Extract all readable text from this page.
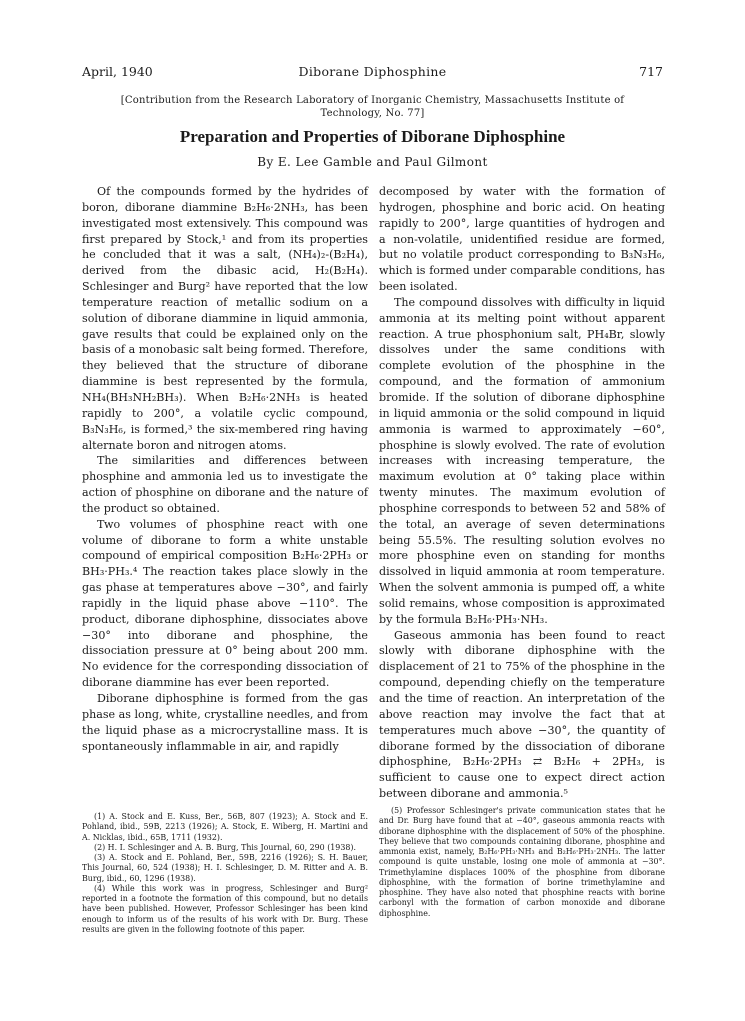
April, 1940	Diborane Diphosphine	717
[Contribution from the Research Laboratory of Inorganic Chemistry, Massachusetts Institute of Technology, No. 77]
Preparation and Properties of Diborane Diphosphine
By E. Lee Gamble and Paul Gilmont

Of the compounds formed by the hydrides of boron, diborane diammine B₂H₆·2NH₃, has been investigated most extensively. This compound was first prepared by Stock,¹ and from its properties he concluded that it was a salt, (NH₄)₂-(B₂H₄), derived from the dibasic acid, H₂(B₂H₄). Schlesinger and Burg² have reported that the low temperature reaction of metallic sodium on a solution of diborane diammine in liquid ammonia, gave results that could be explained only on the basis of a monobasic salt being formed. Therefore, they believed that the structure of diborane diammine is best represented by the formula, NH₄(BH₃NH₂BH₃). When B₂H₆·2NH₃ is heated rapidly to 200°, a volatile cyclic compound, B₃N₃H₆, is formed,³ the six-membered ring having alternate boron and nitrogen atoms.

The similarities and differences between phosphine and ammonia led us to investigate the action of phosphine on diborane and the nature of the product so obtained.

Two volumes of phosphine react with one volume of diborane to form a white unstable compound of empirical composition B₂H₆·2PH₃ or BH₃·PH₃.⁴ The reaction takes place slowly in the gas phase at temperatures above −30°, and fairly rapidly in the liquid phase above −110°. The product, diborane diphosphine, dissociates above −30° into diborane and phosphine, the dissociation pressure at 0° being about 200 mm. No evidence for the corresponding dissociation of diborane diammine has ever been reported.

Diborane diphosphine is formed from the gas phase as long, white, crystalline needles, and from the liquid phase as a microcrystalline mass. It is spontaneously inflammable in air, and rapidly

decomposed by water with the formation of hydrogen, phosphine and boric acid. On heating rapidly to 200°, large quantities of hydrogen and a non-volatile, unidentified residue are formed, but no volatile product corresponding to B₃N₃H₆, which is formed under comparable conditions, has been isolated.

The compound dissolves with difficulty in liquid ammonia at its melting point without apparent reaction. A true phosphonium salt, PH₄Br, slowly dissolves under the same conditions with complete evolution of the phosphine in the compound, and the formation of ammonium bromide. If the solution of diborane diphosphine in liquid ammonia or the solid compound in liquid ammonia is warmed to approximately −60°, phosphine is slowly evolved. The rate of evolution increases with increasing temperature, the maximum evolution at 0° taking place within twenty minutes. The maximum evolution of phosphine corresponds to between 52 and 58% of the total, an average of seven determinations being 55.5%. The resulting solution evolves no more phosphine even on standing for months dissolved in liquid ammonia at room temperature. When the solvent ammonia is pumped off, a white solid remains, whose composition is approximated by the formula B₂H₆·PH₃·NH₃.

Gaseous ammonia has been found to react slowly with diborane diphosphine with the displacement of 21 to 75% of the phosphine in the compound, depending chiefly on the temperature and the time of reaction. An interpretation of the above reaction may involve the fact that at temperatures much above −30°, the quantity of diborane formed by the dissociation of diborane diphosphine, B₂H₆·2PH₃ ⇄ B₂H₆ + 2PH₃, is sufficient to cause one to expect direct action between diborane and ammonia.⁵

(1) A. Stock and E. Kuss, Ber., 56B, 807 (1923); A. Stock and E. Pohland, ibid., 59B, 2213 (1926); A. Stock, E. Wiberg, H. Martini and A. Nicklas, ibid., 65B, 1711 (1932).

(2) H. I. Schlesinger and A. B. Burg, This Journal, 60, 290 (1938).

(3) A. Stock and E. Pohland, Ber., 59B, 2216 (1926); S. H. Bauer, This Journal, 60, 524 (1938); H. I. Schlesinger, D. M. Ritter and A. B. Burg, ibid., 60, 1296 (1938).

(4) While this work was in progress, Schlesinger and Burg² reported in a footnote the formation of this compound, but no details have been published. However, Professor Schlesinger has been kind enough to inform us of the results of his work with Dr. Burg. These results are given in the following footnote of this paper.

(5) Professor Schlesinger's private communication states that he and Dr. Burg have found that at −40°, gaseous ammonia reacts with diborane diphosphine with the displacement of 50% of the phosphine. They believe that two compounds containing diborane, phosphine and ammonia exist, namely, B₂H₆·PH₃·NH₃ and B₂H₆·PH₃·2NH₃. The latter compound is quite unstable, losing one mole of ammonia at −30°. Trimethylamine displaces 100% of the phosphine from diborane diphosphine, with the formation of borine trimethylamine and phosphine. They have also noted that phosphine reacts with borine carbonyl with the formation of carbon monoxide and diborane diphosphine.
